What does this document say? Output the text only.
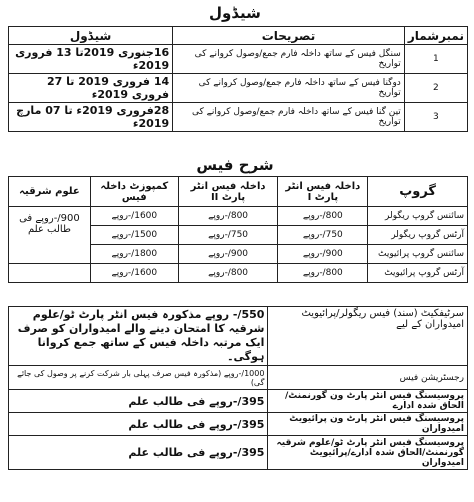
شیڈول
نمبرشمار	تصریحات	شیڈول
1	سنگل فیس کے ساتھ داخلہ فارم جمع/وصول کروانے کی تواریخ	16جنوری 2019تا 13 فروری 2019ء
2	دوگنا فیس کے ساتھ داخلہ فارم جمع/وصول کروانے کی تواریخ	14 فروری 2019 تا 27 فروری 2019ء
3	تین گنا فیس کے ساتھ داخلہ فارم جمع/وصول کروانے کی تواریخ	28فروری 2019ء تا 07 مارچ 2019ء
شرح فیس
گروپ	داخلہ فیس انٹر پارٹ I	داخلہ فیس انٹر پارٹ II	کمپوزٹ داخلہ فیس	علوم شرقیہ
سائنس گروپ ریگولر	800/-روپے	800/-روپے	1600/-روپے	900/-روپے فی طالب علم
آرٹس گروپ ریگولر	750/-روپے	750/-روپے	1500/-روپے	
سائنس گروپ پرائیویٹ	900/-روپے	900/-روپے	1800/-روپے	
آرٹس گروپ پرائیویٹ	800/-روپے	800/-روپے	1600/-روپے	
سرٹیفکیٹ (سند) فیس ریگولر/پرائیویٹ امیدواران کے لیے	550/- روپے مذکورہ فیس انٹر پارٹ ٹو/علوم شرقیہ کا امتحان دینے والے امیدواران کو صرف ایک مرتبہ داخلہ فیس کے ساتھ جمع کروانا ہوگی۔
رجسٹریشن فیس	1000/-روپے (مذکورہ فیس صرف پہلی بار شرکت کرنے پر وصول کی جائے گی)
پروسیسنگ فیس انٹر پارٹ ون گورنمنٹ/الحاق شدہ ادارے	395/-روپے فی طالب علم
پروسیسنگ فیس انٹر پارٹ ون پرائیویٹ امیدواران	395/-روپے فی طالب علم
پروسیسنگ فیس انٹر پارٹ ٹو/علوم شرقیہ گورنمنٹ/الحاق شدہ ادارے/پرائیویٹ امیدواران	395/-روپے فی طالب علم
